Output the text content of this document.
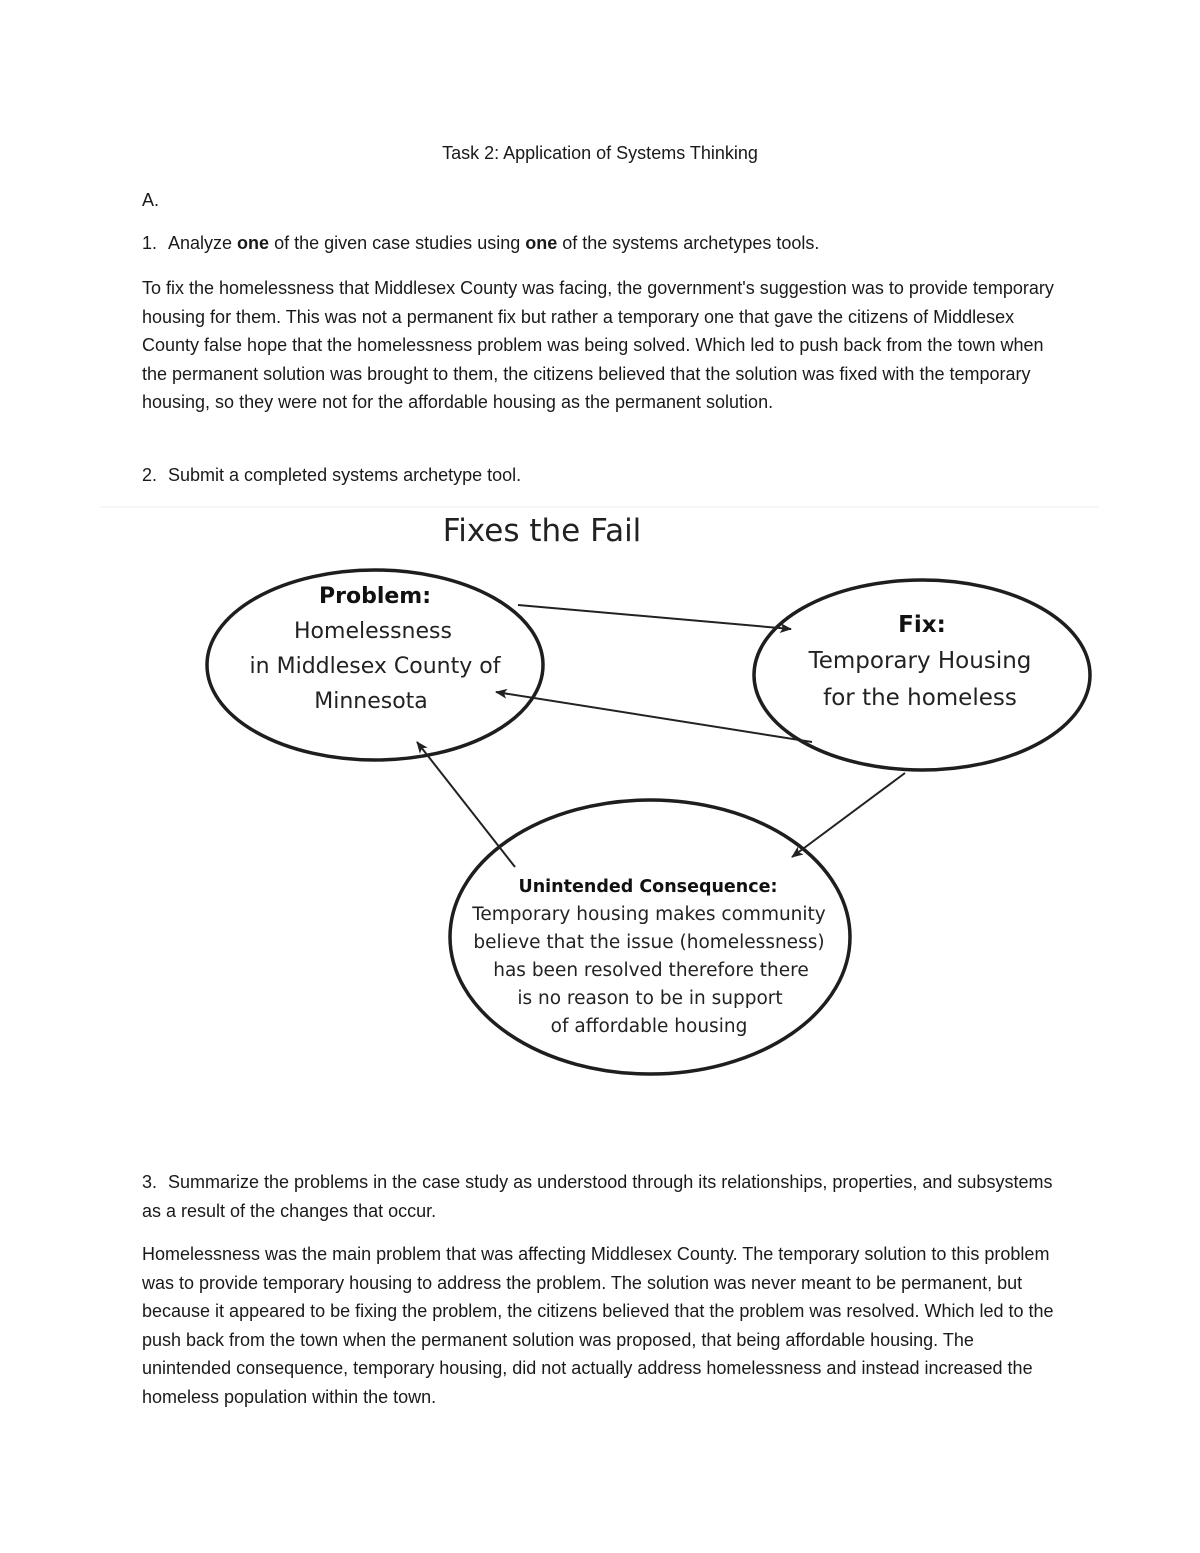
Task 2: Application of Systems Thinking

A.

1. Analyze one of the given case studies using one of the systems archetypes tools.

To fix the homelessness that Middlesex County was facing, the government's suggestion was to provide temporary housing for them. This was not a permanent fix but rather a temporary one that gave the citizens of Middlesex County false hope that the homelessness problem was being solved. Which led to push back from the town when the permanent solution was brought to them, the citizens believed that the solution was fixed with the temporary housing, so they were not for the affordable housing as the permanent solution.

2. Submit a completed systems archetype tool.

Fixes the Fail
Problem:
Homelessness
in Middlesex County of
Minnesota
Fix:
Temporary Housing
for the homeless
Unintended Consequence:
Temporary housing makes community
believe that the issue (homelessness)
has been resolved therefore there
is no reason to be in support
of affordable housing

3. Summarize the problems in the case study as understood through its relationships, properties, and subsystems as a result of the changes that occur.

Homelessness was the main problem that was affecting Middlesex County. The temporary solution to this problem was to provide temporary housing to address the problem. The solution was never meant to be permanent, but because it appeared to be fixing the problem, the citizens believed that the problem was resolved. Which led to the push back from the town when the permanent solution was proposed, that being affordable housing. The unintended consequence, temporary housing, did not actually address homelessness and instead increased the homeless population within the town.
